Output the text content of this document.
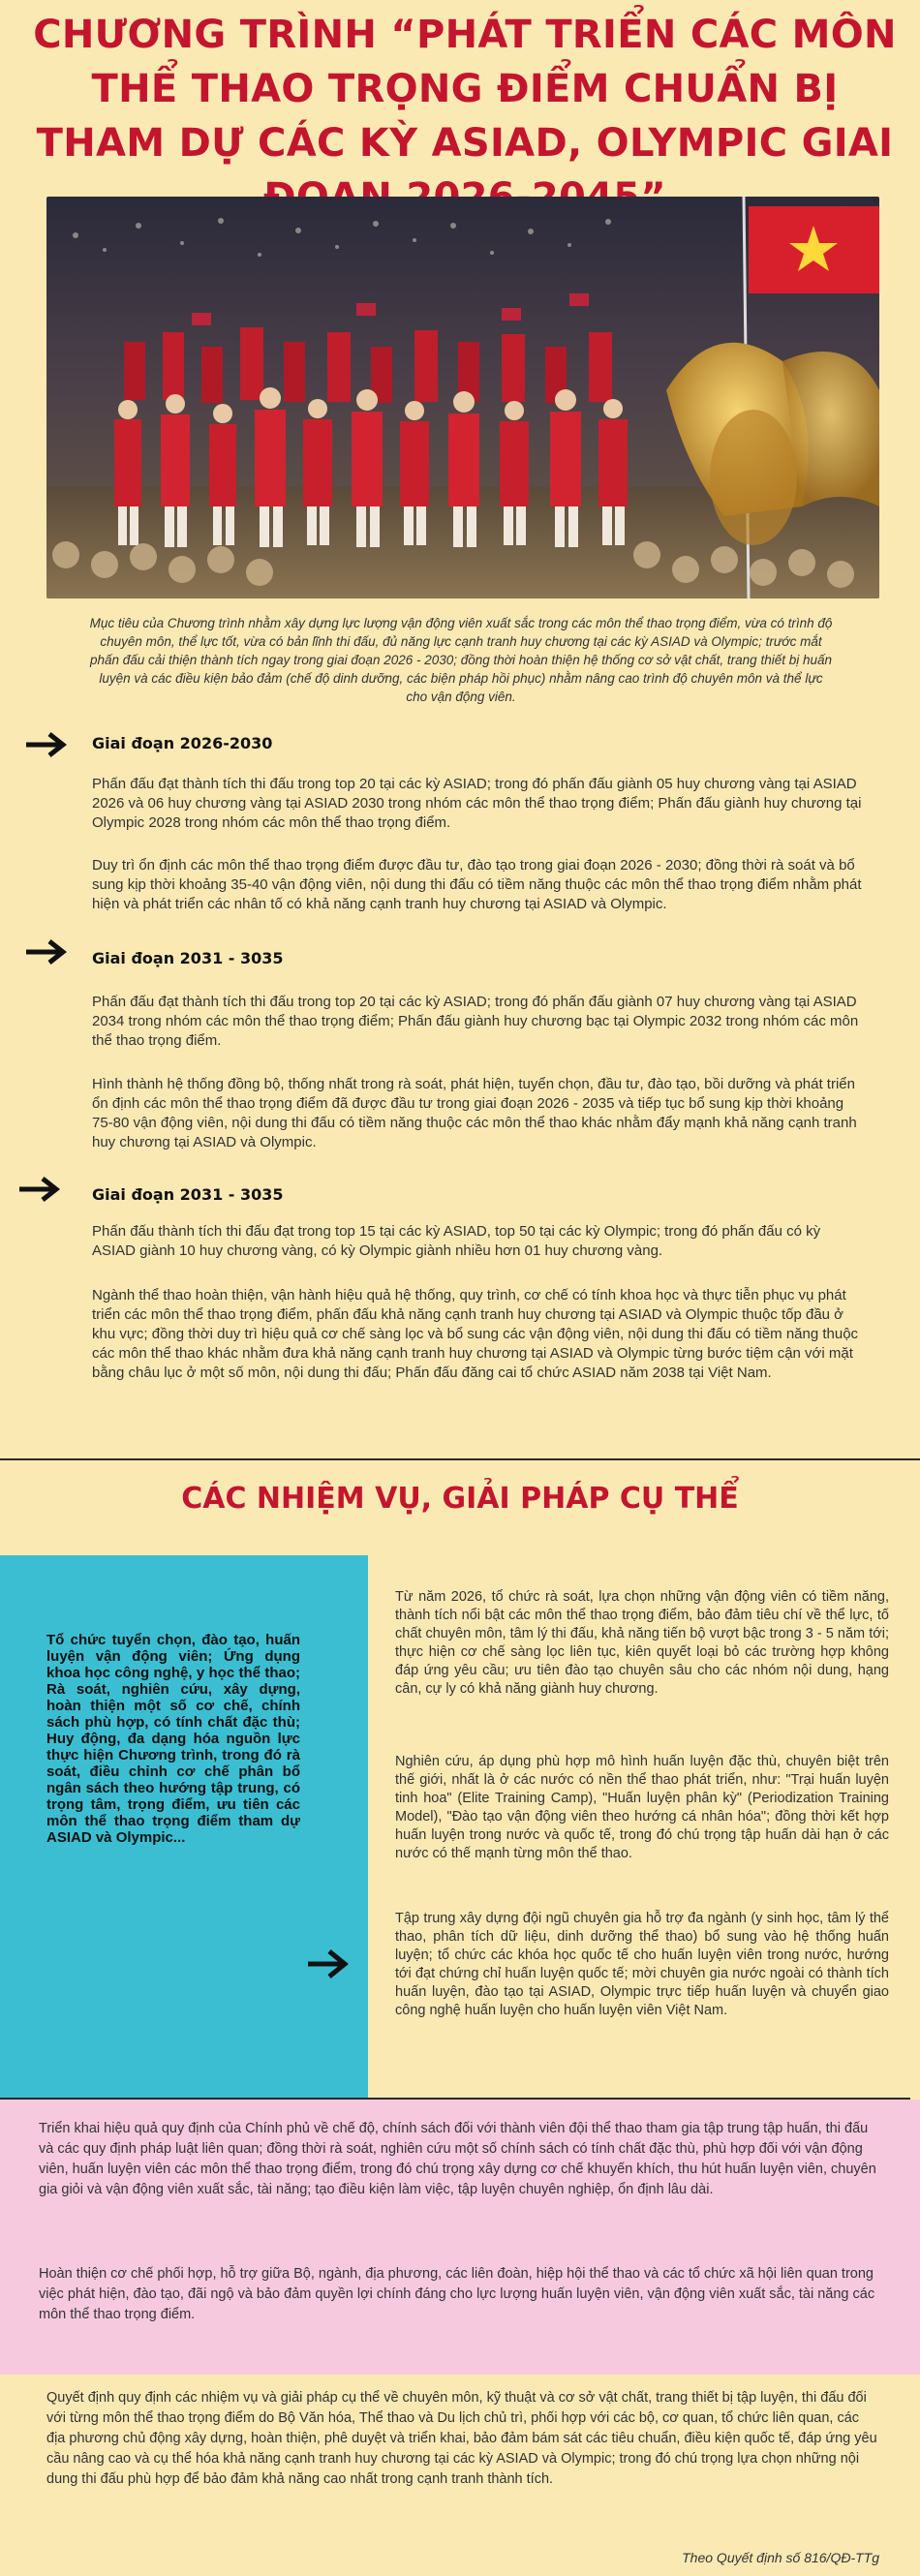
CHƯƠNG TRÌNH “PHÁT TRIỂN CÁC MÔN THỂ THAO TRỌNG ĐIỂM CHUẨN BỊ THAM DỰ CÁC KỲ ASIAD, OLYMPIC GIAI

Mục tiêu của Chương trình nhằm xây dựng lực lượng vận động viên xuất sắc trong các môn thể thao trọng điểm, vừa có trình độ chuyên môn, thể lực tốt, vừa có bản lĩnh thi đấu, đủ năng lực cạnh tranh huy chương tại các kỳ ASIAD và Olympic; trước mắt phấn đấu cải thiện thành tích ngay trong giai đoạn 2026 - 2030; đồng thời hoàn thiện hệ thống cơ sở vật chất, trang thiết bị huấn luyện và các điều kiện bảo đảm (chế độ dinh dưỡng, các biện pháp hồi phục) nhằm nâng cao trình độ chuyên môn và thể lực cho vận động viên.

Giai đoạn 2026-2030

Phấn đấu đạt thành tích thi đấu trong top 20 tại các kỳ ASIAD; trong đó phấn đấu giành 05 huy chương vàng tại ASIAD 2026 và 06 huy chương vàng tại ASIAD 2030 trong nhóm các môn thể thao trọng điểm; Phấn đấu giành huy chương tại Olympic 2028 trong nhóm các môn thể thao trọng điểm.

Duy trì ổn định các môn thể thao trọng điểm được đầu tư, đào tạo trong giai đoạn 2026 - 2030; đồng thời rà soát và bổ sung kịp thời khoảng 35-40 vận động viên, nội dung thi đấu có tiềm năng thuộc các môn thể thao trọng điểm nhằm phát hiện và phát triển các nhân tố có khả năng cạnh tranh huy chương tại ASIAD và Olympic.

Giai đoạn 2031 - 3035

Phấn đấu đạt thành tích thi đấu trong top 20 tại các kỳ ASIAD; trong đó phấn đấu giành 07 huy chương vàng tại ASIAD 2034 trong nhóm các môn thể thao trọng điểm; Phấn đấu giành huy chương bạc tại Olympic 2032 trong nhóm các môn thể thao trọng điểm.

Hình thành hệ thống đồng bộ, thống nhất trong rà soát, phát hiện, tuyển chọn, đầu tư, đào tạo, bồi dưỡng và phát triển ổn định các môn thể thao trọng điểm đã được đầu tư trong giai đoạn 2026 - 2035 và tiếp tục bổ sung kịp thời khoảng 75-80 vận động viên, nội dung thi đấu có tiềm năng thuộc các môn thể thao khác nhằm đẩy mạnh khả năng cạnh tranh huy chương tại ASIAD và Olympic.

Giai đoạn 2031 - 3035

Phấn đấu thành tích thi đấu đạt trong top 15 tại các kỳ ASIAD, top 50 tại các kỳ Olympic; trong đó phấn đấu có kỳ ASIAD giành 10 huy chương vàng, có kỳ Olympic giành nhiều hơn 01 huy chương vàng.

Ngành thể thao hoàn thiện, vận hành hiệu quả hệ thống, quy trình, cơ chế có tính khoa học và thực tiễn phục vụ phát triển các môn thể thao trọng điểm, phấn đấu khả năng cạnh tranh huy chương tại ASIAD và Olympic thuộc tốp đầu ở khu vực; đồng thời duy trì hiệu quả cơ chế sàng lọc và bổ sung các vận động viên, nội dung thi đấu có tiềm năng thuộc các môn thể thao khác nhằm đưa khả năng cạnh tranh huy chương tại ASIAD và Olympic từng bước tiệm cận với mặt bằng châu lục ở một số môn, nội dung thi đấu; Phấn đấu đăng cai tổ chức ASIAD năm 2038 tại Việt Nam.

CÁC NHIỆM VỤ, GIẢI PHÁP CỤ THỂ

Tổ chức tuyển chọn, đào tạo, huấn luyện vận động viên; Ứng dụng khoa học công nghệ, y học thể thao; Rà soát, nghiên cứu, xây dựng, hoàn thiện một số cơ chế, chính sách phù hợp, có tính chất đặc thù; Huy động, đa dạng hóa nguồn lực thực hiện Chương trình, trong đó rà soát, điều chỉnh cơ chế phân bổ ngân sách theo hướng tập trung, có trọng tâm, trọng điểm, ưu tiên các môn thể thao trọng điểm tham dự ASIAD và Olympic...

Từ năm 2026, tổ chức rà soát, lựa chọn những vận động viên có tiềm năng, thành tích nổi bật các môn thể thao trọng điểm, bảo đảm tiêu chí về thể lực, tố chất chuyên môn, tâm lý thi đấu, khả năng tiến bộ vượt bậc trong 3 - 5 năm tới; thực hiện cơ chế sàng lọc liên tục, kiên quyết loại bỏ các trường hợp không đáp ứng yêu cầu; ưu tiên đào tạo chuyên sâu cho các nhóm nội dung, hạng cân, cự ly có khả năng giành huy chương.

Nghiên cứu, áp dụng phù hợp mô hình huấn luyện đặc thù, chuyên biệt trên thế giới, nhất là ở các nước có nền thể thao phát triển, như: "Trại huấn luyện tinh hoa" (Elite Training Camp), "Huấn luyện phân kỳ" (Periodization Training Model), "Đào tạo vận động viên theo hướng cá nhân hóa"; đồng thời kết hợp huấn luyện trong nước và quốc tế, trong đó chú trọng tập huấn dài hạn ở các nước có thế mạnh từng môn thể thao.

Tập trung xây dựng đội ngũ chuyên gia hỗ trợ đa ngành (y sinh học, tâm lý thể thao, phân tích dữ liệu, dinh dưỡng thể thao) bổ sung vào hệ thống huấn luyện; tổ chức các khóa học quốc tế cho huấn luyện viên trong nước, hướng tới đạt chứng chỉ huấn luyện quốc tế; mời chuyên gia nước ngoài có thành tích huấn luyện, đào tạo tại ASIAD, Olympic trực tiếp huấn luyện và chuyển giao công nghệ huấn luyện cho huấn luyện viên Việt Nam.

Triển khai hiệu quả quy định của Chính phủ về chế độ, chính sách đối với thành viên đội thể thao tham gia tập trung tập huấn, thi đấu và các quy định pháp luật liên quan; đồng thời rà soát, nghiên cứu một số chính sách có tính chất đặc thù, phù hợp đối với vận động viên, huấn luyện viên các môn thể thao trọng điểm, trong đó chú trọng xây dựng cơ chế khuyến khích, thu hút huấn luyện viên, chuyên gia giỏi và vận động viên xuất sắc, tài năng; tạo điều kiện làm việc, tập luyện chuyên nghiệp, ổn định lâu dài.

Hoàn thiện cơ chế phối hợp, hỗ trợ giữa Bộ, ngành, địa phương, các liên đoàn, hiệp hội thể thao và các tổ chức xã hội liên quan trong việc phát hiện, đào tạo, đãi ngộ và bảo đảm quyền lợi chính đáng cho lực lượng huấn luyện viên, vận động viên xuất sắc, tài năng các môn thể thao trọng điểm.

Quyết định quy định các nhiệm vụ và giải pháp cụ thể về chuyên môn, kỹ thuật và cơ sở vật chất, trang thiết bị tập luyện, thi đấu đối với từng môn thể thao trọng điểm do Bộ Văn hóa, Thể thao và Du lịch chủ trì, phối hợp với các bộ, cơ quan, tổ chức liên quan, các địa phương chủ động xây dựng, hoàn thiện, phê duyệt và triển khai, bảo đảm bám sát các tiêu chuẩn, điều kiện quốc tế, đáp ứng yêu cầu nâng cao và cụ thể hóa khả năng cạnh tranh huy chương tại các kỳ ASIAD và Olympic; trong đó chú trọng lựa chọn những nội dung thi đấu phù hợp để bảo đảm khả năng cao nhất trong cạnh tranh thành tích.

Theo Quyết định số 816/QĐ-TTg
